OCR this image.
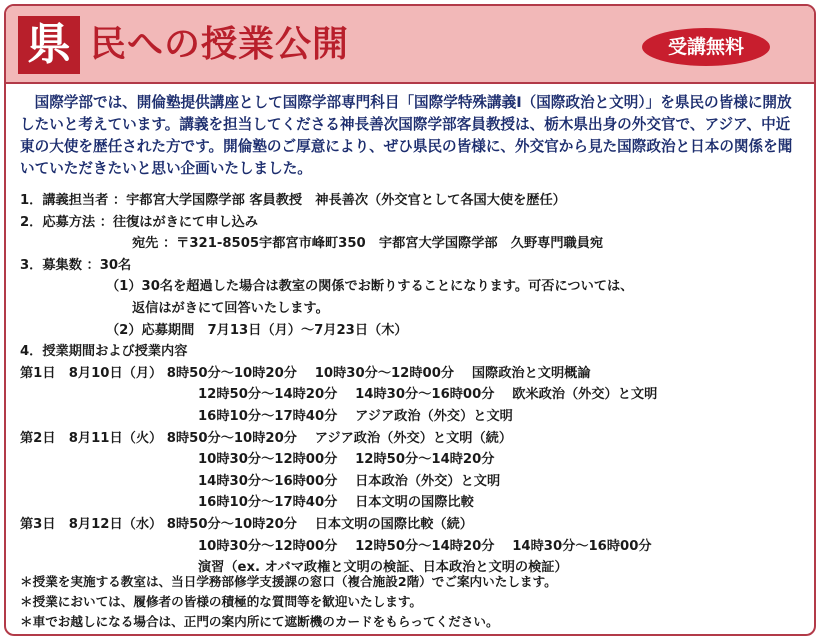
県 民への授業公開	受講無料

国際学部では、開倫塾提供講座として国際学部専門科目「国際学特殊講義Ⅰ（国際政治と文明）」を県民の皆様に開放したいと考えています。講義を担当してくださる神長善次国際学部客員教授は、栃木県出身の外交官で、アジア、中近東の大使を歴任された方です。開倫塾のご厚意により、ぜひ県民の皆様に、外交官から見た国際政治と日本の関係を聞いていただきたいと思い企画いたしました。

1．講義担当者 ：宇都宮大学国際学部 客員教授　神長善次（外交官として各国大使を歴任）
2．応募方法 ：往復はがきにて申し込み
宛先 ：〒321-8505宇都宮市峰町350　宇都宮大学国際学部　久野専門職員宛
3．募集数 ：30名
（1）30名を超過した場合は教室の関係でお断りすることになります。可否については、
返信はがきにて回答いたします。
（2）応募期間　7月13日（月）～7月23日（木）
4．授業期間および授業内容
第1日　8月10日（月） 8時50分～10時20分　 10時30分～12時00分　 国際政治と文明概論
12時50分～14時20分　 14時30分～16時00分　 欧米政治（外交）と文明
16時10分～17時40分　 アジア政治（外交）と文明
第2日　8月11日（火） 8時50分～10時20分　 アジア政治（外交）と文明（続）
10時30分～12時00分　 12時50分～14時20分
14時30分～16時00分　 日本政治（外交）と文明
16時10分～17時40分　 日本文明の国際比較
第3日　8月12日（水） 8時50分～10時20分　 日本文明の国際比較（続）
10時30分～12時00分　 12時50分～14時20分　 14時30分～16時00分
演習（ex. オバマ政権と文明の検証、日本政治と文明の検証）
＊授業を実施する教室は、当日学務部修学支援課の窓口（複合施設2階）でご案内いたします。
＊授業においては、履修者の皆様の積極的な質問等を歓迎いたします。
＊車でお越しになる場合は、正門の案内所にて遮断機のカードをもらってください。
